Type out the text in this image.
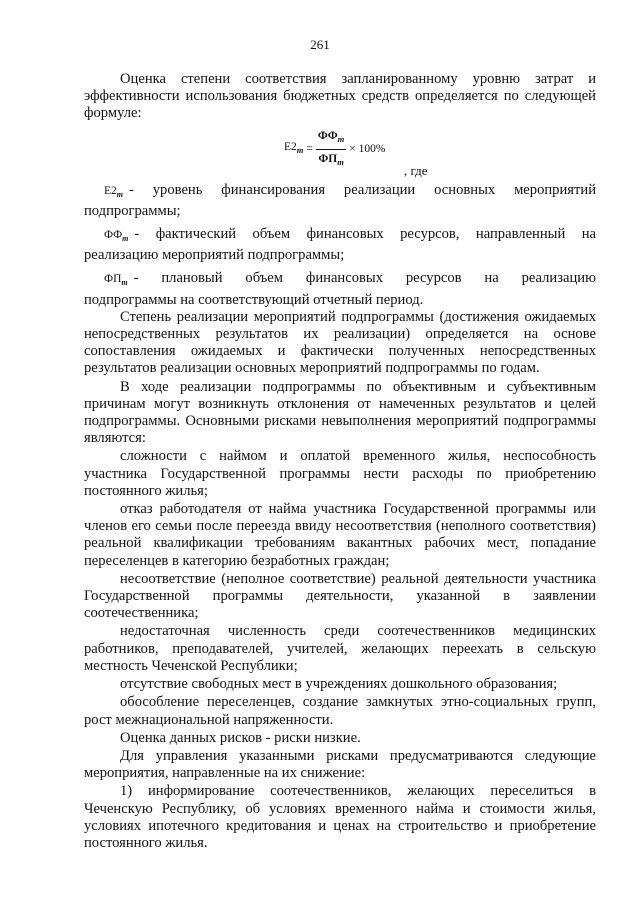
261

Оценка степени соответствия запланированному уровню затрат и эффективности использования бюджетных средств определяется по следующей формуле:

$Е2_т = \frac{ФФ_т}{ФП_т} \times 100\%$
, где

$Е2_т$ - уровень финансирования реализации основных мероприятий

подпрограммы;

$ФФ_т$ - фактический объем финансовых ресурсов, направленный на

реализацию мероприятий подпрограммы;

$ФП_т$ - плановый объем финансовых ресурсов на реализацию

подпрограммы на соответствующий отчетный период.

Степень реализации мероприятий подпрограммы (достижения ожидаемых непосредственных результатов их реализации) определяется на основе сопоставления ожидаемых и фактически полученных непосредственных результатов реализации основных мероприятий подпрограммы по годам.

В ходе реализации подпрограммы по объективным и субъективным причинам могут возникнуть отклонения от намеченных результатов и целей подпрограммы. Основными рисками невыполнения мероприятий подпрограммы являются:

сложности с наймом и оплатой временного жилья, неспособность участника Государственной программы нести расходы по приобретению постоянного жилья;

отказ работодателя от найма участника Государственной программы или членов его семьи после переезда ввиду несоответствия (неполного соответствия) реальной квалификации требованиям вакантных рабочих мест, попадание переселенцев в категорию безработных граждан;

несоответствие (неполное соответствие) реальной деятельности участника Государственной программы деятельности, указанной в заявлении соотечественника;

недостаточная численность среди соотечественников медицинских работников, преподавателей, учителей, желающих переехать в сельскую местность Чеченской Республики;

отсутствие свободных мест в учреждениях дошкольного образования;

обособление переселенцев, создание замкнутых этно-социальных групп, рост межнациональной напряженности.

Оценка данных рисков - риски низкие.

Для управления указанными рисками предусматриваются следующие мероприятия, направленные на их снижение:

1) информирование соотечественников, желающих переселиться в Чеченскую Республику, об условиях временного найма и стоимости жилья, условиях ипотечного кредитования и ценах на строительство и приобретение постоянного жилья.
